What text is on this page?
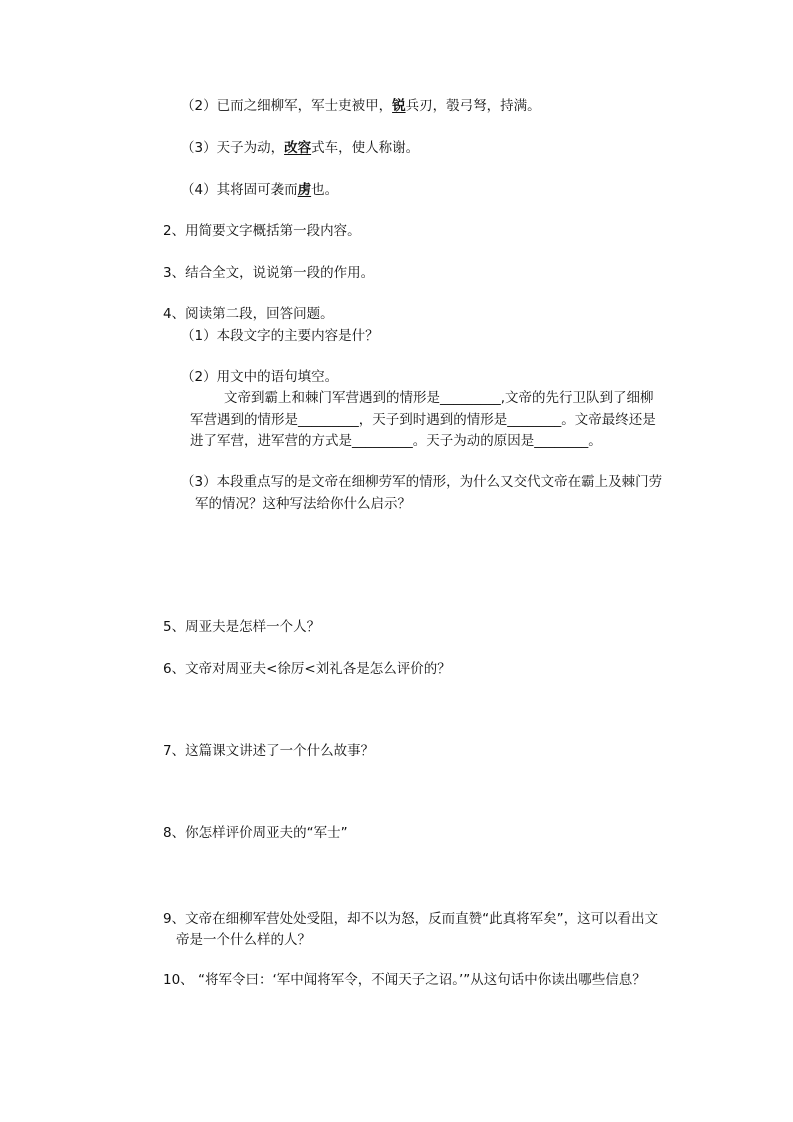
（2）已而之细柳军，军士吏被甲，锐兵刃，彀弓弩，持满。
（3）天子为动，改容式车，使人称谢。
（4）其将固可袭而虏也。
2、用简要文字概括第一段内容。
3、结合全文，说说第一段的作用。
4、阅读第二段，回答问题。
（1）本段文字的主要内容是什？
（2）用文中的语句填空。
文帝到霸上和棘门军营遇到的情形是_________,文帝的先行卫队到了细柳
军营遇到的情形是_________，天子到时遇到的情形是________。文帝最终还是
进了军营，进军营的方式是_________。天子为动的原因是________。
（3）本段重点写的是文帝在细柳劳军的情形，为什么又交代文帝在霸上及棘门劳
军的情况？这种写法给你什么启示？
5、周亚夫是怎样一个人？
6、文帝对周亚夫<徐厉<刘礼各是怎么评价的？
7、这篇课文讲述了一个什么故事？
8、你怎样评价周亚夫的“军士”
9、文帝在细柳军营处处受阻，却不以为怒，反而直赞“此真将军矣”，这可以看出文
帝是一个什么样的人？
10、 “将军令曰：‘军中闻将军令，不闻天子之诏。’”从这句话中你读出哪些信息？
